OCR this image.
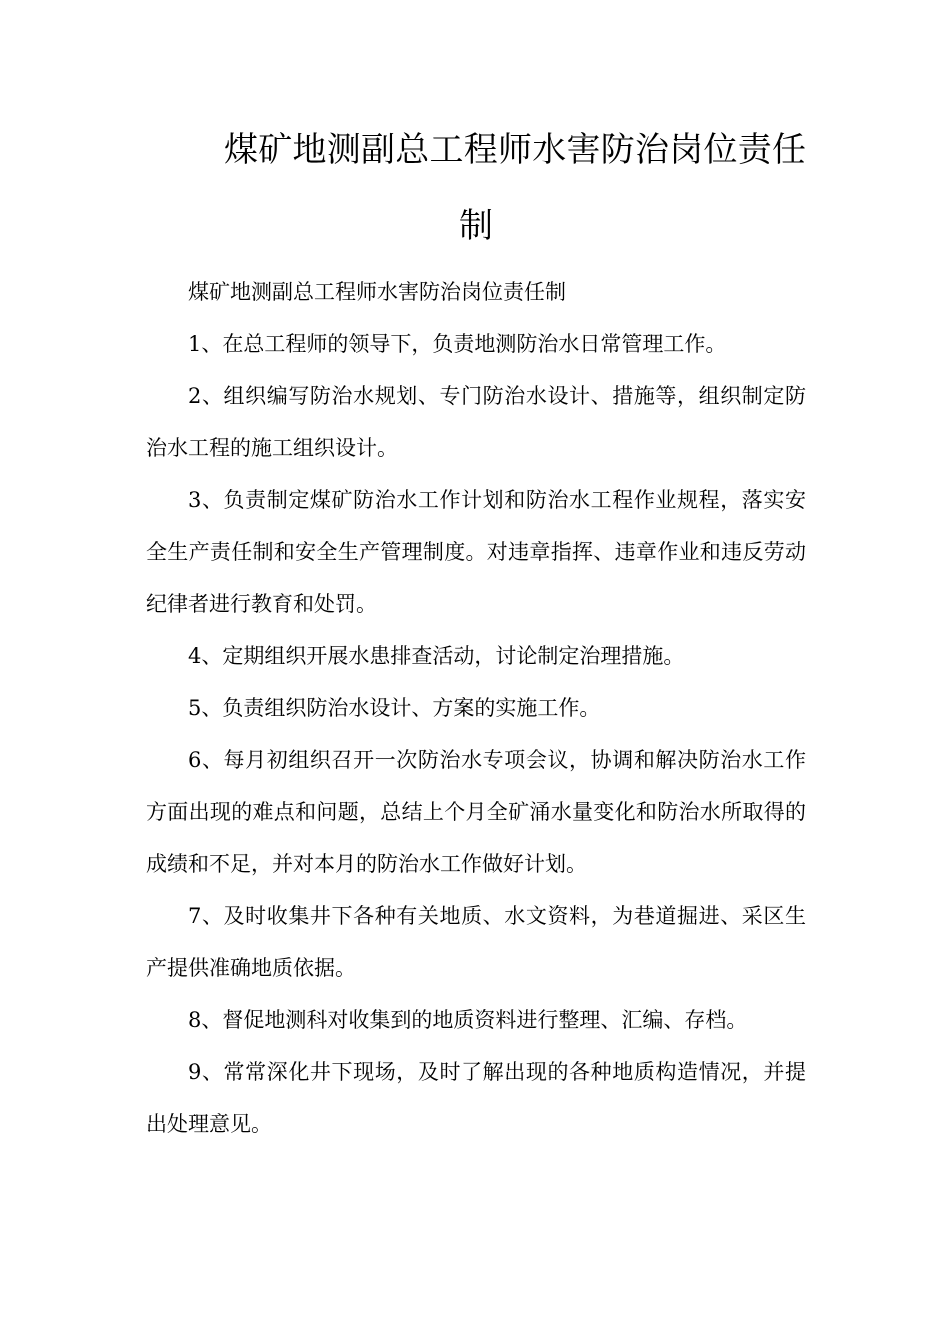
煤矿地测副总工程师水害防治岗位责任制

煤矿地测副总工程师水害防治岗位责任制

1、在总工程师的领导下，负责地测防治水日常管理工作。

2、组织编写防治水规划、专门防治水设计、措施等，组织制定防治水工程的施工组织设计。

3、负责制定煤矿防治水工作计划和防治水工程作业规程，落实安全生产责任制和安全生产管理制度。对违章指挥、违章作业和违反劳动纪律者进行教育和处罚。

4、定期组织开展水患排查活动，讨论制定治理措施。

5、负责组织防治水设计、方案的实施工作。

6、每月初组织召开一次防治水专项会议，协调和解决防治水工作方面出现的难点和问题，总结上个月全矿涌水量变化和防治水所取得的成绩和不足，并对本月的防治水工作做好计划。

7、及时收集井下各种有关地质、水文资料，为巷道掘进、采区生产提供准确地质依据。

8、督促地测科对收集到的地质资料进行整理、汇编、存档。

9、常常深化井下现场，及时了解出现的各种地质构造情况，并提出处理意见。
